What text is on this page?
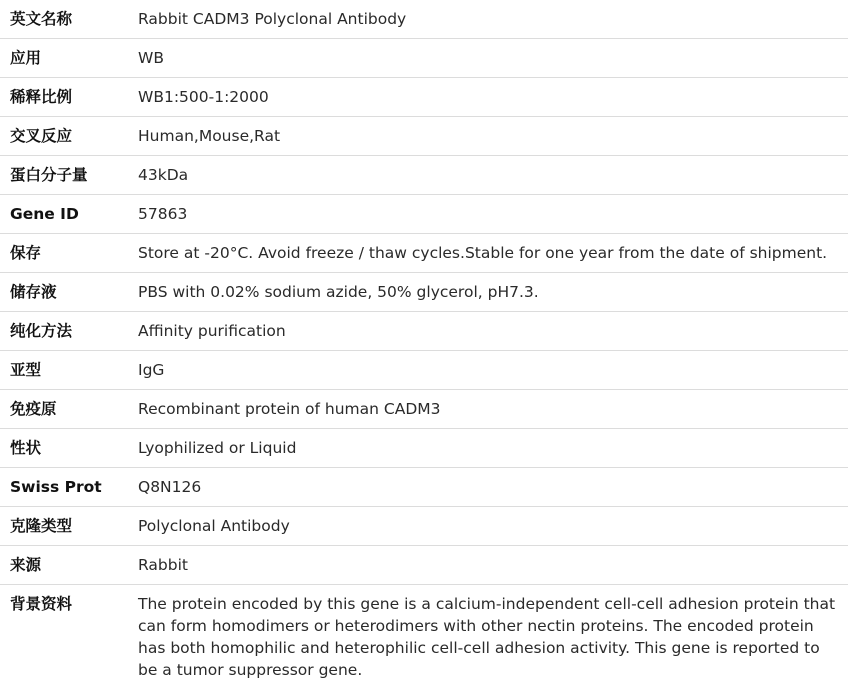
英文名称	Rabbit CADM3 Polyclonal Antibody
应用	WB
稀释比例	WB1:500-1:2000
交叉反应	Human,Mouse,Rat
蛋白分子量	43kDa
Gene ID	57863
保存	Store at -20°C. Avoid freeze / thaw cycles.Stable for one year from the date of shipment.
储存液	PBS with 0.02% sodium azide, 50% glycerol, pH7.3.
纯化方法	Affinity purification
亚型	IgG
免疫原	Recombinant protein of human CADM3
性状	Lyophilized or Liquid
Swiss Prot	Q8N126
克隆类型	Polyclonal Antibody
来源	Rabbit
背景资料	The protein encoded by this gene is a calcium-independent cell-cell adhesion protein that can form homodimers or heterodimers with other nectin proteins. The encoded protein has both homophilic and heterophilic cell-cell adhesion activity. This gene is reported to be a tumor suppressor gene.
